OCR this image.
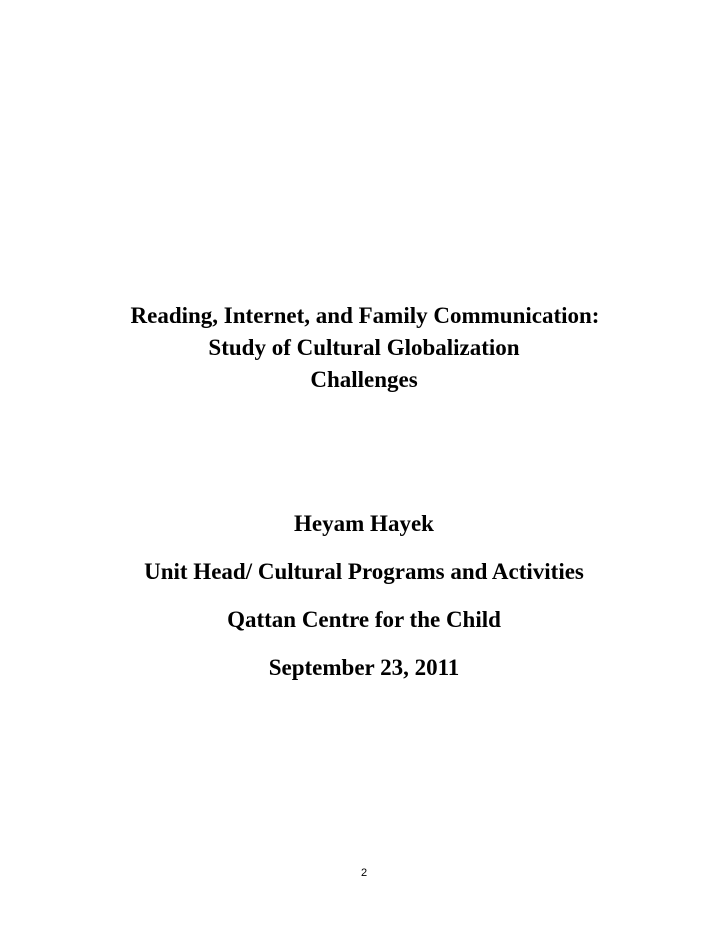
Reading, Internet, and Family Communication:

Study of Cultural Globalization

Challenges

Heyam Hayek

Unit Head/ Cultural Programs and Activities

Qattan Centre for the Child

September 23, 2011

2
